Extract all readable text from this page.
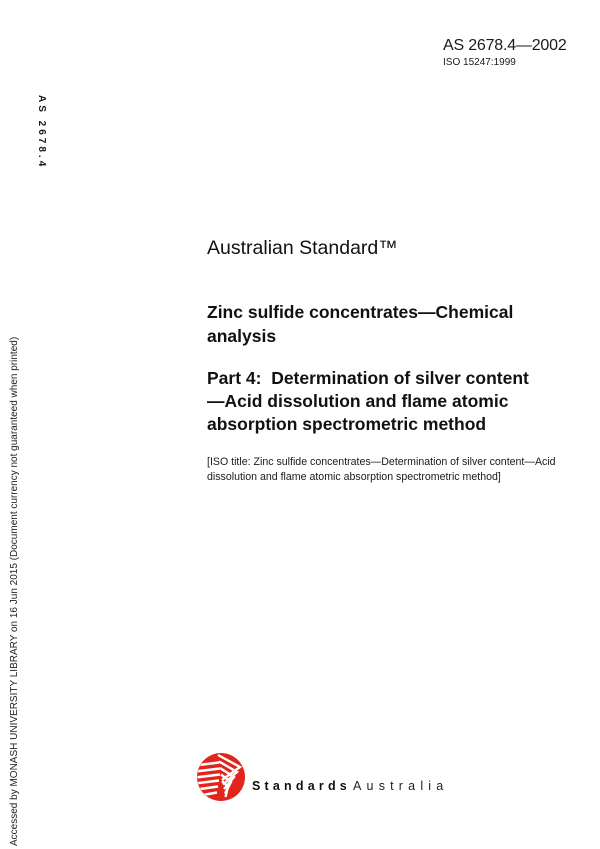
AS 2678.4
Accessed by MONASH UNIVERSITY LIBRARY on 16 Jun 2015 (Document currency not guaranteed when printed)
AS 2678.4—2002
ISO 15247:1999
Australian Standard™
Zinc sulfide concentrates—Chemical analysis
Part 4:  Determination of silver content—Acid dissolution and flame atomic absorption spectrometric method

[ISO title: Zinc sulfide concentrates—Determination of silver content—Acid dissolution and flame atomic absorption spectrometric method]

Standards Australia
